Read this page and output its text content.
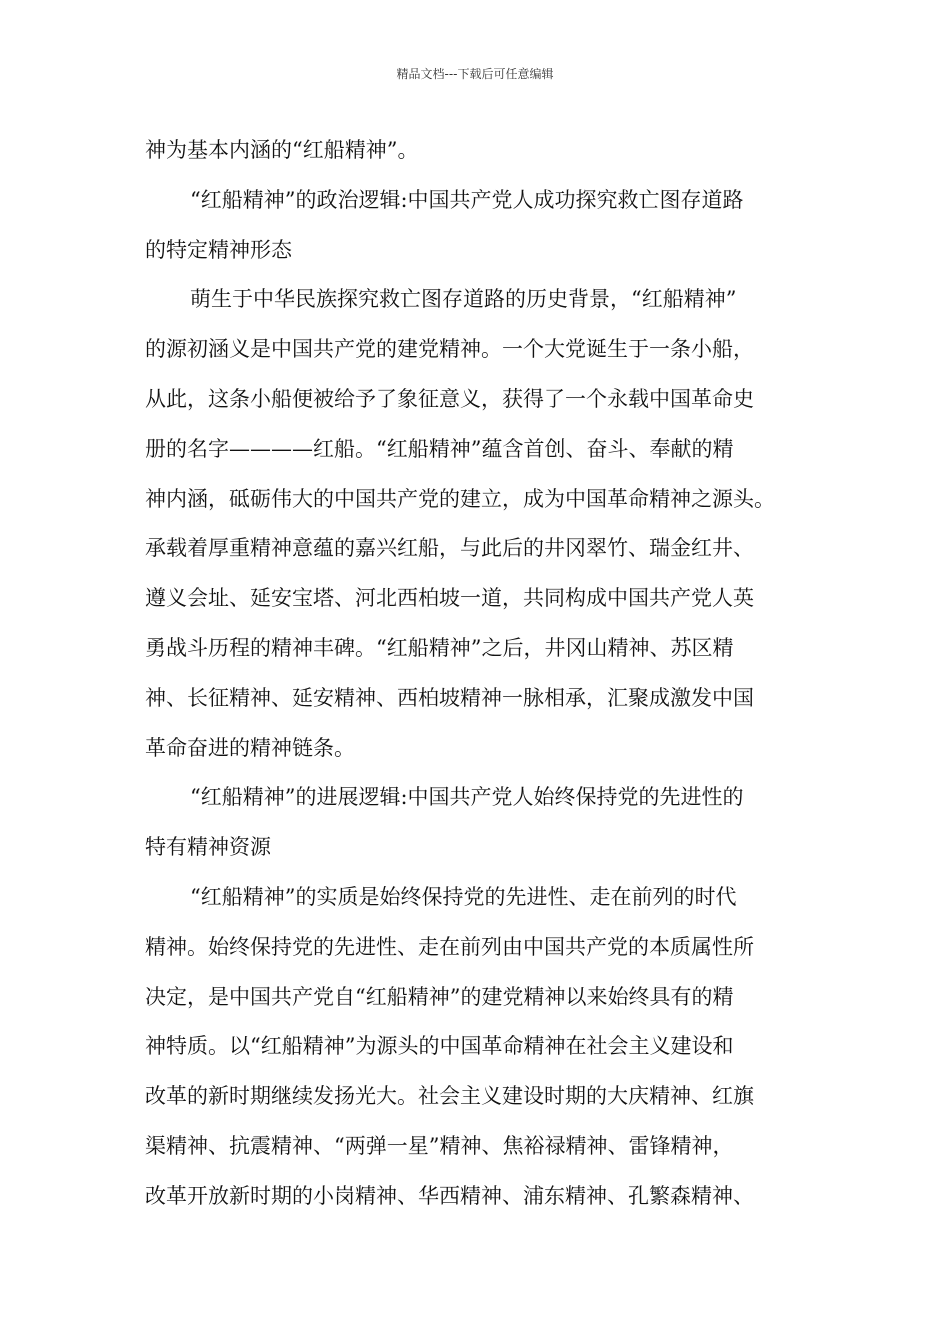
精品文档---下载后可任意编辑
神为基本内涵的“红船精神”。
“红船精神”的政治逻辑:中国共产党人成功探究救亡图存道路
的特定精神形态
萌生于中华民族探究救亡图存道路的历史背景，“红船精神”
的源初涵义是中国共产党的建党精神。一个大党诞生于一条小船，
从此，这条小船便被给予了象征意义，获得了一个永载中国革命史
册的名字————红船。“红船精神”蕴含首创、奋斗、奉献的精
神内涵，砥砺伟大的中国共产党的建立，成为中国革命精神之源头。
承载着厚重精神意蕴的嘉兴红船，与此后的井冈翠竹、瑞金红井、
遵义会址、延安宝塔、河北西柏坡一道，共同构成中国共产党人英
勇战斗历程的精神丰碑。“红船精神”之后，井冈山精神、苏区精
神、长征精神、延安精神、西柏坡精神一脉相承，汇聚成激发中国
革命奋进的精神链条。
“红船精神”的进展逻辑:中国共产党人始终保持党的先进性的
特有精神资源
“红船精神”的实质是始终保持党的先进性、走在前列的时代
精神。始终保持党的先进性、走在前列由中国共产党的本质属性所
决定，是中国共产党自“红船精神”的建党精神以来始终具有的精
神特质。以“红船精神”为源头的中国革命精神在社会主义建设和
改革的新时期继续发扬光大。社会主义建设时期的大庆精神、红旗
渠精神、抗震精神、“两弹一星”精神、焦裕禄精神、雷锋精神，
改革开放新时期的小岗精神、华西精神、浦东精神、孔繁森精神、
